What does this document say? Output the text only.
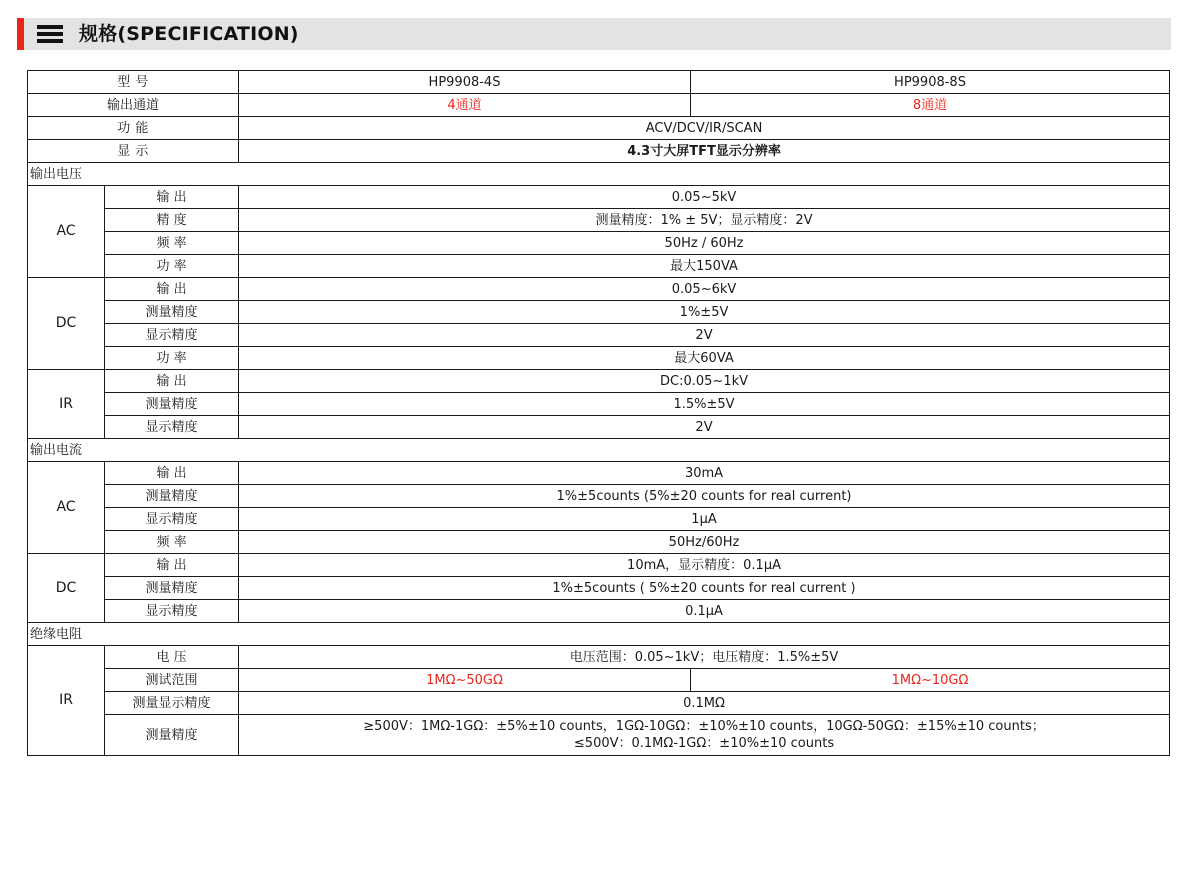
规格(SPECIFICATION)
型 号		HP9908-4S	HP9908-8S
输出通道		4通道	8通道
功 能		ACV/DCV/IR/SCAN	
显 示		4.3寸大屏TFT显示分辨率	
输出电压			
AC	输 出	0.05~5kV	
	精 度	测量精度：1% ± 5V；显示精度：2V	
	频 率	50Hz / 60Hz	
	功 率	最大150VA	
DC	输 出	0.05~6kV	
	测量精度	1%±5V	
	显示精度	2V	
	功 率	最大60VA	
IR	输 出	DC:0.05~1kV	
	测量精度	1.5%±5V	
	显示精度	2V	
输出电流			
AC	输 出	30mA	
	测量精度	1%±5counts (5%±20 counts for real current)	
	显示精度	1μA	
	频 率	50Hz/60Hz	
DC	输 出	10mA，显示精度：0.1μA	
	测量精度	1%±5counts ( 5%±20 counts for real current )	
	显示精度	0.1μA	
绝缘电阻			
IR	电 压	电压范围：0.05~1kV；电压精度：1.5%±5V	
	测试范围	1MΩ~50GΩ	1MΩ~10GΩ
	测量显示精度	0.1MΩ	
	测量精度	≥500V：1MΩ-1GΩ：±5%±10 counts，1GΩ-10GΩ：±10%±10 counts，10GΩ-50GΩ：±15%±10 counts；
≤500V：0.1MΩ-1GΩ：±10%±10 counts	
